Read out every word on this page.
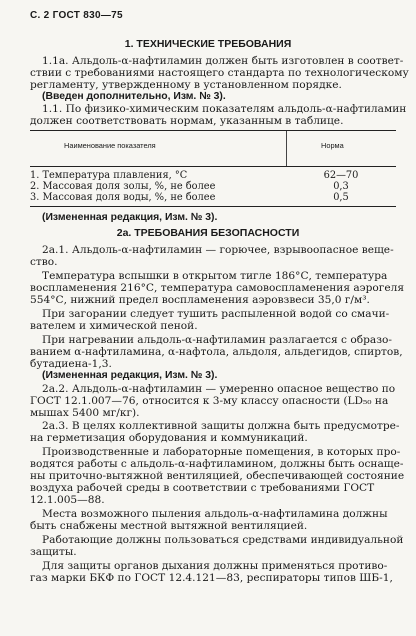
С. 2 ГОСТ 830—75
1. ТЕХНИЧЕСКИЕ ТРЕБОВАНИЯ
1.1а. Альдоль-α-нафтиламин должен быть изготовлен в соответ-
ствии с требованиями настоящего стандарта по технологическому
регламенту, утвержденному в установленном порядке.
(Введен дополнительно, Изм. № 3).
1.1. По физико-химическим показателям альдоль-α-нафтиламин
должен соответствовать нормам, указанным в таблице.
Наименование показателя	Норма
1. Температура плавления, °С	62—70
2. Массовая доля золы, %, не более	0,3
3. Массовая доля воды, %, не более	0,5
(Измененная редакция, Изм. № 3).
2а. ТРЕБОВАНИЯ БЕЗОПАСНОСТИ
2а.1. Альдоль-α-нафтиламин — горючее, взрывоопасное веще-
ство.
Температура вспышки в открытом тигле 186°С, температура
воспламенения 216°С, температура самовоспламенения аэрогеля
554°С, нижний предел воспламенения аэровзвеси 35,0 г/м³.
При загорании следует тушить распыленной водой со смачи-
вателем и химической пеной.
При нагревании альдоль-α-нафтиламин разлагается с образо-
ванием α-нафтиламина, α-нафтола, альдоля, альдегидов, спиртов,
бутадиена-1,3.
(Измененная редакция, Изм. № 3).
2а.2. Альдоль-α-нафтиламин — умеренно опасное вещество по
ГОСТ 12.1.007—76, относится к 3-му классу опасности (LD₅₀ на
мышах 5400 мг/кг).
2а.3. В целях коллективной защиты должна быть предусмотре-
на герметизация оборудования и коммуникаций.
Производственные и лабораторные помещения, в которых про-
водятся работы с альдоль-α-нафтиламином, должны быть оснаще-
ны приточно-вытяжной вентиляцией, обеспечивающей состояние
воздуха рабочей среды в соответствии с требованиями ГОСТ
12.1.005—88.
Места возможного пыления альдоль-α-нафтиламина должны
быть снабжены местной вытяжной вентиляцией.
Работающие должны пользоваться средствами индивидуальной
защиты.
Для защиты органов дыхания должны применяться противо-
газ марки БКФ по ГОСТ 12.4.121—83, респираторы типов ШБ-1,
